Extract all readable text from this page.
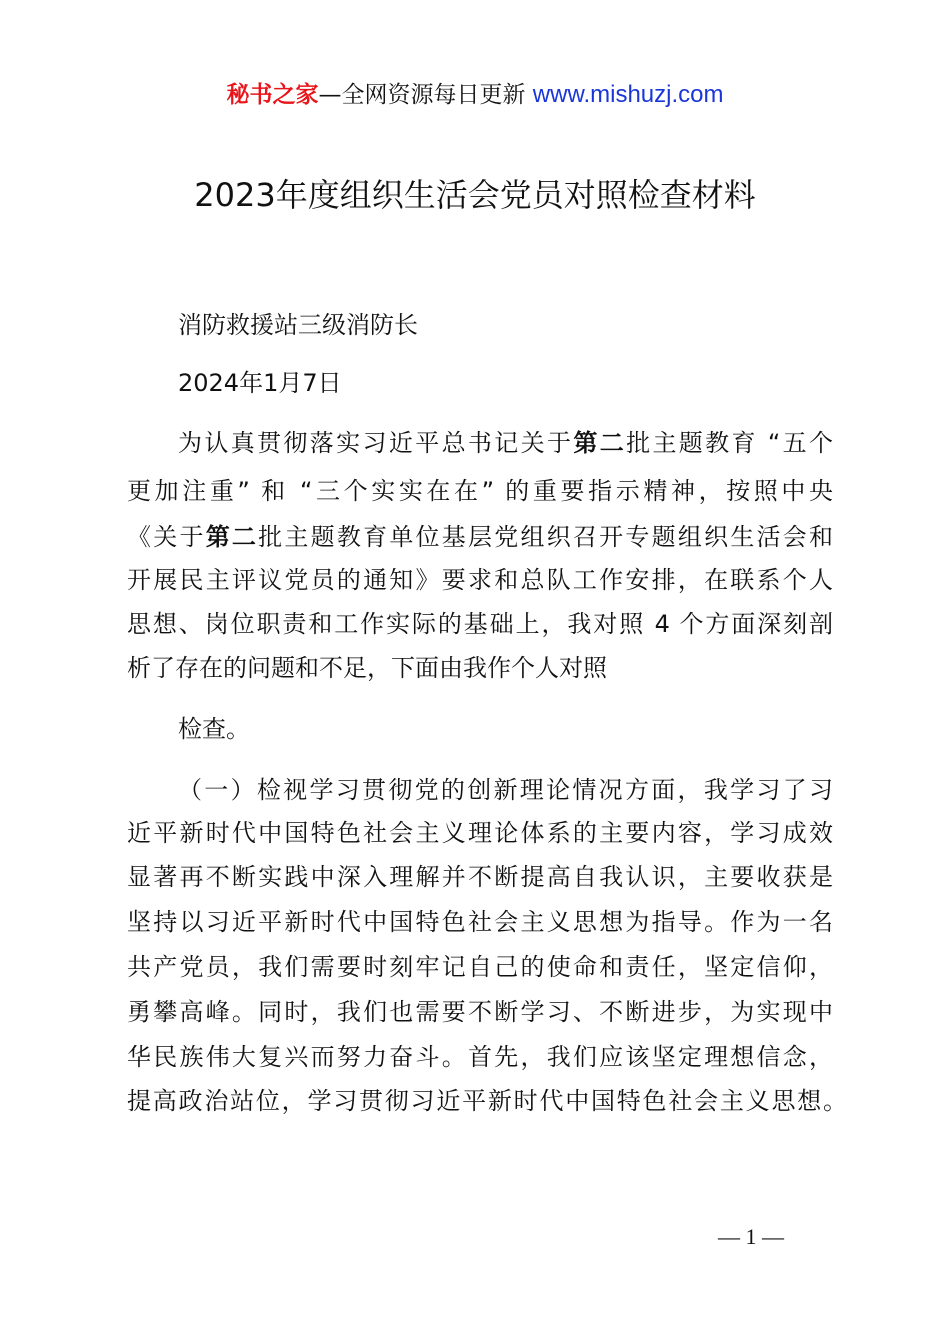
秘书之家—全网资源每日更新 www.mishuzj.com
2023年度组织生活会党员对照检查材料
消防救援站三级消防长
2024年1月7日
为认真贯彻落实习近平总书记关于第二批主题教育 “五个
更加注重” 和 “三个实实在在” 的重要指示精神，按照中央
《关于第二批主题教育单位基层党组织召开专题组织生活会和
开展民主评议党员的通知》要求和总队工作安排，在联系个人
思想、岗位职责和工作实际的基础上，我对照 4 个方面深刻剖
析了存在的问题和不足，下面由我作个人对照
检查。
（一）检视学习贯彻党的创新理论情况方面，我学习了习
近平新时代中国特色社会主义理论体系的主要内容，学习成效
显著再不断实践中深入理解并不断提高自我认识，主要收获是
坚持以习近平新时代中国特色社会主义思想为指导。作为一名
共产党员，我们需要时刻牢记自己的使命和责任，坚定信仰，
勇攀高峰。同时，我们也需要不断学习、不断进步，为实现中
华民族伟大复兴而努力奋斗。首先，我们应该坚定理想信念，
提高政治站位，学习贯彻习近平新时代中国特色社会主义思想。
— 1 —
